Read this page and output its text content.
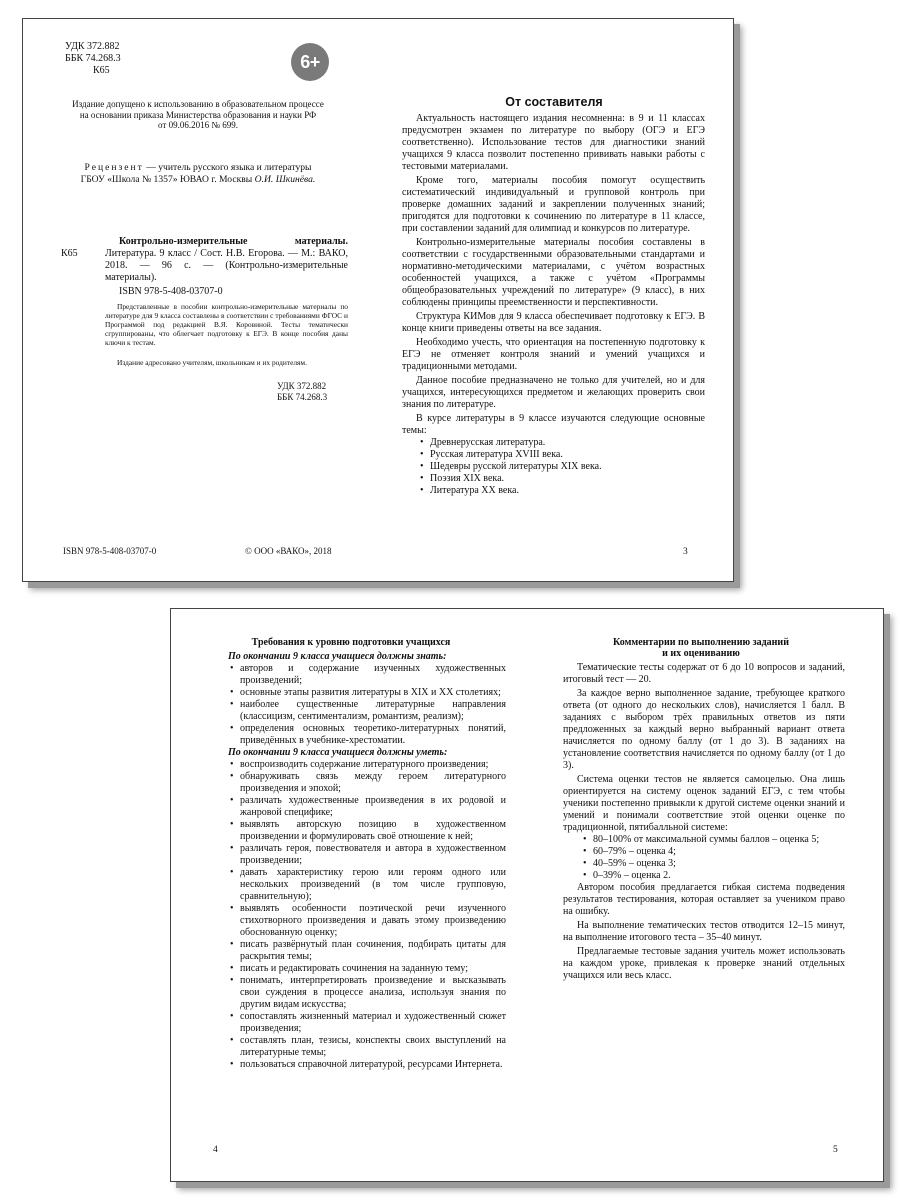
УДК 372.882

ББК 74.268.3

К65	6+

Издание допущено к использованию в образовательном процессе

на основании приказа Министерства образования и науки РФ

от 09.06.2016 № 699.

Рецензент — учитель русского языка и литературы

ГБОУ «Школа № 1357» ЮВАО г. Москвы О.И. Шкинёва.

К65
Контрольно-измерительные материалы. Литература. 9 класс / Сост. Н.В. Егорова. — М.: ВАКО, 2018. — 96 с. — (Контрольно-измерительные материалы).
ISBN 978-5-408-03707-0
Представленные в пособии контрольно-измерительные материалы по литературе для 9 класса составлены в соответствии с требованиями ФГОС и Программой под редакцией В.Я. Коровиной. Тесты тематически сгруппированы, что облегчает подготовку к ЕГЭ. В конце пособия даны ключи к тестам.
Издание адресовано учителям, школьникам и их родителям.

УДК 372.882

ББК 74.268.3

ISBN 978-5-408-03707-0	© ООО «ВАКО», 2018
От составителя

Актуальность настоящего издания несомненна: в 9 и 11 классах предусмотрен экзамен по литературе по выбору (ОГЭ и ЕГЭ соответственно). Использование тестов для диагностики знаний учащихся 9 класса позволит постепенно прививать навыки работы с тестовыми материалами.

Кроме того, материалы пособия помогут осуществить систематический индивидуальный и групповой контроль при проверке домашних заданий и закреплении полученных знаний; пригодятся для подготовки к сочинению по литературе в 11 классе, при составлении заданий для олимпиад и конкурсов по литературе.

Контрольно-измерительные материалы пособия составлены в соответствии с государственными образовательными стандартами и нормативно-методическими материалами, с учётом возрастных особенностей учащихся, а также с учётом «Программы общеобразовательных учреждений по литературе» (9 класс), в них соблюдены принципы преемственности и перспективности.

Структура КИМов для 9 класса обеспечивает подготовку к ЕГЭ. В конце книги приведены ответы на все задания.

Необходимо учесть, что ориентация на постепенную подготовку к ЕГЭ не отменяет контроля знаний и умений учащихся и традиционными методами.

Данное пособие предназначено не только для учителей, но и для учащихся, интересующихся предметом и желающих проверить свои знания по литературе.

В курсе литературы в 9 классе изучаются следующие основные темы:

• Древнерусская литература.
• Русская литература XVIII века.
• Шедевры русской литературы XIX века.
• Поэзия XIX века.
• Литература XX века.
3
Требования к уровню подготовки учащихся

По окончании 9 класса учащиеся должны знать:

• авторов и содержание изученных художественных произведений;
• основные этапы развития литературы в XIX и XX столетиях;
• наиболее существенные литературные направления (классицизм, сентиментализм, романтизм, реализм);
• определения основных теоретико-литературных понятий, приведённых в учебнике-хрестоматии.

По окончании 9 класса учащиеся должны уметь:

• воспроизводить содержание литературного произведения;
• обнаруживать связь между героем литературного произведения и эпохой;
• различать художественные произведения в их родовой и жанровой специфике;
• выявлять авторскую позицию в художественном произведении и формулировать своё отношение к ней;
• различать героя, повествователя и автора в художественном произведении;
• давать характеристику герою или героям одного или нескольких произведений (в том числе групповую, сравнительную);
• выявлять особенности поэтической речи изученного стихотворного произведения и давать этому произведению обоснованную оценку;
• писать развёрнутый план сочинения, подбирать цитаты для раскрытия темы;
• писать и редактировать сочинения на заданную тему;
• понимать, интерпретировать произведение и высказывать свои суждения в процессе анализа, используя знания по другим видам искусства;
• сопоставлять жизненный материал и художественный сюжет произведения;
• составлять план, тезисы, конспекты своих выступлений на литературные темы;
• пользоваться справочной литературой, ресурсами Интернета.
4

Комментарии по выполнению заданий

и их оцениванию

Тематические тесты содержат от 6 до 10 вопросов и заданий, итоговый тест — 20.

За каждое верно выполненное задание, требующее краткого ответа (от одного до нескольких слов), начисляется 1 балл. В заданиях с выбором трёх правильных ответов из пяти предложенных за каждый верно выбранный вариант ответа начисляется по одному баллу (от 1 до 3). В заданиях на установление соответствия начисляется по одному баллу (от 1 до 3).

Система оценки тестов не является самоцелью. Она лишь ориентируется на систему оценок заданий ЕГЭ, с тем чтобы ученики постепенно привыкли к другой системе оценки знаний и умений и понимали соответствие этой оценки оценке по традиционной, пятибалльной системе:

• 80–100% от максимальной суммы баллов – оценка 5;
• 60–79% – оценка 4;
• 40–59% – оценка 3;
• 0–39% – оценка 2.

Автором пособия предлагается гибкая система подведения результатов тестирования, которая оставляет за учеником право на ошибку.

На выполнение тематических тестов отводится 12–15 минут, на выполнение итогового теста – 35–40 минут.

Предлагаемые тестовые задания учитель может использовать на каждом уроке, привлекая к проверке знаний отдельных учащихся или весь класс.

5
